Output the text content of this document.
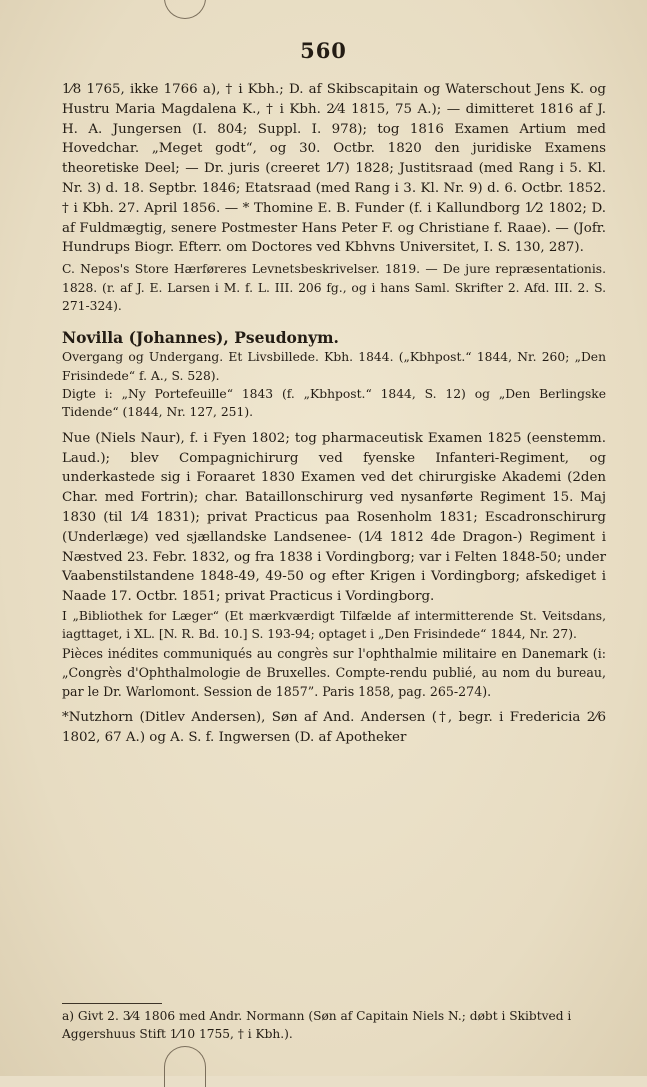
560

1⁄8 1765, ikke 1766 a), † i Kbh.; D. af Skibscapitain og Waterschout Jens K. og Hustru Maria Magdalena K., † i Kbh. 2⁄4 1815, 75 A.); — dimitteret 1816 af J. H. A. Jungersen (I. 804; Suppl. I. 978); tog 1816 Examen Artium med Hovedchar. „Meget godt“, og 30. Octbr. 1820 den juridiske Examens theoretiske Deel; — Dr. juris (creeret 1⁄7) 1828; Justitsraad (med Rang i 5. Kl. Nr. 3) d. 18. Septbr. 1846; Etatsraad (med Rang i 3. Kl. Nr. 9) d. 6. Octbr. 1852. † i Kbh. 27. April 1856. — * Thomine E. B. Funder (f. i Kallundborg 1⁄2 1802; D. af Fuldmægtig, senere Postmester Hans Peter F. og Christiane f. Raae). — (Jofr. Hundrups Biogr. Efterr. om Doctores ved Kbhvns Universitet, I. S. 130, 287).

C. Nepos's Store Hærføreres Levnetsbeskrivelser. 1819. — De jure repræsentationis. 1828. (r. af J. E. Larsen i M. f. L. III. 206 fg., og i hans Saml. Skrifter 2. Afd. III. 2. S. 271-324).

Novilla (Johannes), Pseudonym.

Overgang og Undergang. Et Livsbillede. Kbh. 1844. („Kbhpost.“ 1844, Nr. 260; „Den Frisindede“ f. A., S. 528).

Digte i: „Ny Portefeuille“ 1843 (f. „Kbhpost.“ 1844, S. 12) og „Den Berlingske Tidende“ (1844, Nr. 127, 251).

Nue (Niels Naur), f. i Fyen 1802; tog pharmaceutisk Examen 1825 (eenstemm. Laud.); blev Compagnichirurg ved fyenske Infanteri-Regiment, og underkastede sig i Foraaret 1830 Examen ved det chirurgiske Akademi (2den Char. med Fortrin); char. Bataillonschirurg ved nysanførte Regiment 15. Maj 1830 (til 1⁄4 1831); privat Practicus paa Rosenholm 1831; Escadronschirurg (Underlæge) ved sjællandske Landsenee- (1⁄4 1812 4de Dragon-) Regiment i Næstved 23. Febr. 1832, og fra 1838 i Vordingborg; var i Felten 1848-50; under Vaabenstilstandene 1848-49, 49-50 og efter Krigen i Vordingborg; afskediget i Naade 17. Octbr. 1851; privat Practicus i Vordingborg.

I „Bibliothek for Læger“ (Et mærkværdigt Tilfælde af intermitterende St. Veitsdans, iagttaget, i XL. [N. R. Bd. 10.] S. 193-94; optaget i „Den Frisindede“ 1844, Nr. 27).

Pièces inédites communiqués au congrès sur l'ophthalmie militaire en Danemark (i: „Congrès d'Ophthalmologie de Bruxelles. Compte-rendu publié, au nom du bureau, par le Dr. Warlomont. Session de 1857”. Paris 1858, pag. 265-274).

*Nutzhorn (Ditlev Andersen), Søn af And. Andersen (†, begr. i Fredericia 2⁄6 1802, 67 A.) og A. S. f. Ingwersen (D. af Apotheker

a) Givt 2. 3⁄4 1806 med Andr. Normann (Søn af Capitain Niels N.; døbt i Skibtved i Aggershuus Stift 1⁄10 1755, † i Kbh.).
